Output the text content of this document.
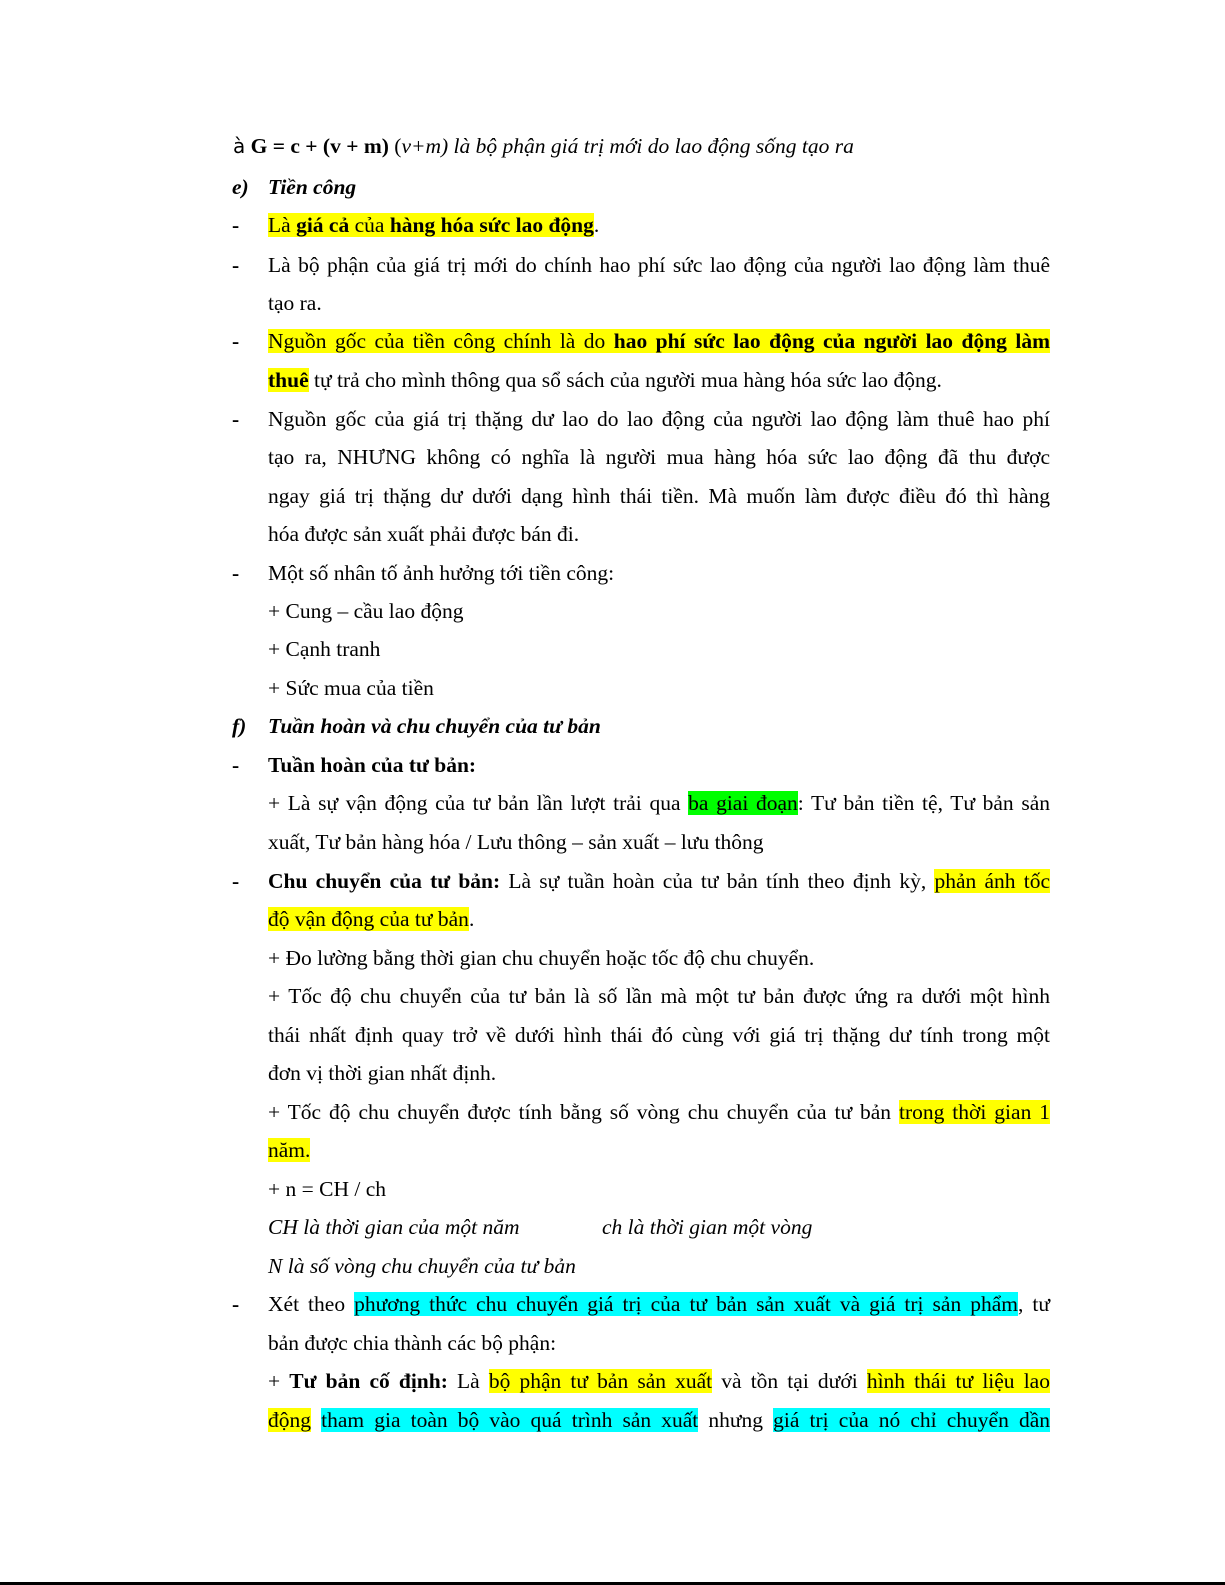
à G = c + (v + m) (v+m) là bộ phận giá trị mới do lao động sống tạo ra
e) Tiền công
- Là giá cả của hàng hóa sức lao động.
- Là bộ phận của giá trị mới do chính hao phí sức lao động của người lao động làm thuê
tạo ra.
- Nguồn gốc của tiền công chính là do hao phí sức lao động của người lao động làm
thuê tự trả cho mình thông qua sổ sách của người mua hàng hóa sức lao động.
- Nguồn gốc của giá trị thặng dư lao do lao động của người lao động làm thuê hao phí
tạo ra, NHƯNG không có nghĩa là người mua hàng hóa sức lao động đã thu được
ngay giá trị thặng dư dưới dạng hình thái tiền. Mà muốn làm được điều đó thì hàng
hóa được sản xuất phải được bán đi.
- Một số nhân tố ảnh hưởng tới tiền công:
+ Cung – cầu lao động
+ Cạnh tranh
+ Sức mua của tiền
f) Tuần hoàn và chu chuyển của tư bản
- Tuần hoàn của tư bản:
+ Là sự vận động của tư bản lần lượt trải qua ba giai đoạn: Tư bản tiền tệ, Tư bản sản
xuất, Tư bản hàng hóa / Lưu thông – sản xuất – lưu thông
- Chu chuyển của tư bản: Là sự tuần hoàn của tư bản tính theo định kỳ, phản ánh tốc
độ vận động của tư bản.
+ Đo lường bằng thời gian chu chuyển hoặc tốc độ chu chuyển.
+ Tốc độ chu chuyển của tư bản là số lần mà một tư bản được ứng ra dưới một hình
thái nhất định quay trở về dưới hình thái đó cùng với giá trị thặng dư tính trong một
đơn vị thời gian nhất định.
+ Tốc độ chu chuyển được tính bằng số vòng chu chuyển của tư bản trong thời gian 1
năm.
+ n = CH / ch
CH là thời gian của một năm	ch là thời gian một vòng
N là số vòng chu chuyển của tư bản
- Xét theo phương thức chu chuyển giá trị của tư bản sản xuất và giá trị sản phẩm, tư
bản được chia thành các bộ phận:
+ Tư bản cố định: Là bộ phận tư bản sản xuất và tồn tại dưới hình thái tư liệu lao
động tham gia toàn bộ vào quá trình sản xuất nhưng giá trị của nó chỉ chuyển dần
